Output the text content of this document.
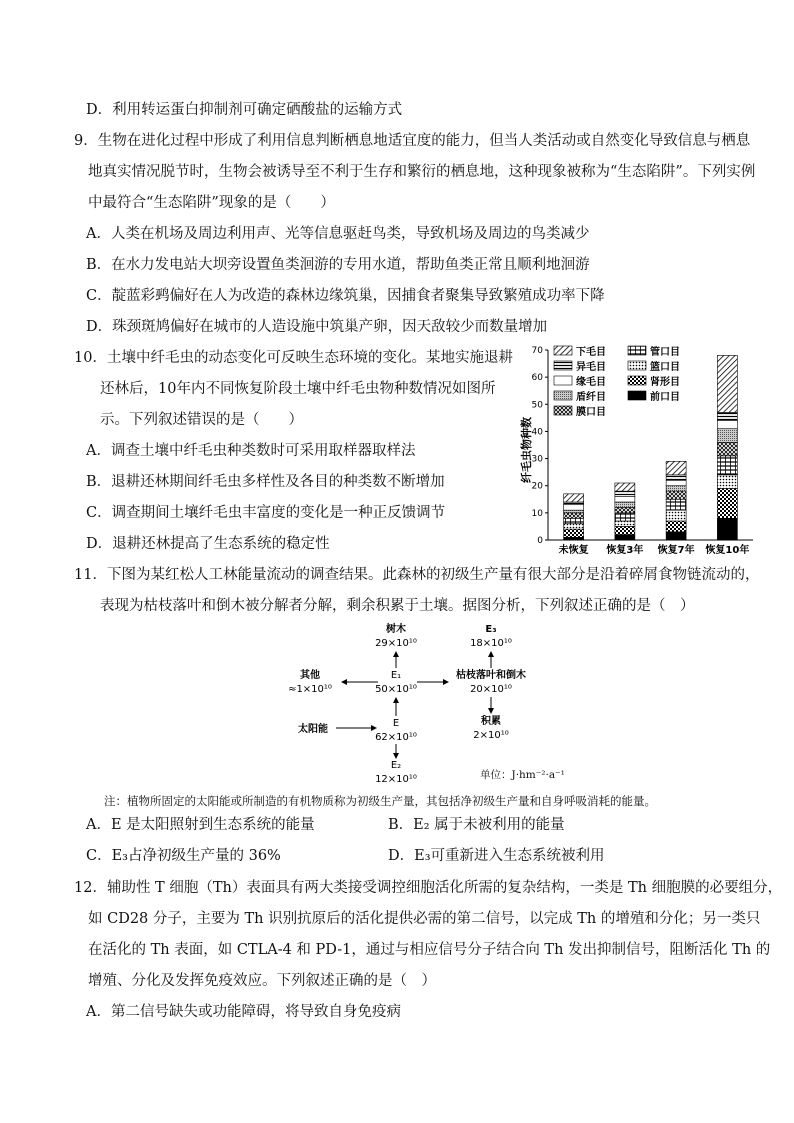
D．利用转运蛋白抑制剂可确定硒酸盐的运输方式
9．生物在进化过程中形成了利用信息判断栖息地适宜度的能力，但当人类活动或自然变化导致信息与栖息
地真实情况脱节时，生物会被诱导至不利于生存和繁衍的栖息地，这种现象被称为“生态陷阱”。下列实例
中最符合“生态陷阱”现象的是（　　）
A．人类在机场及周边利用声、光等信息驱赶鸟类，导致机场及周边的鸟类减少
B．在水力发电站大坝旁设置鱼类洄游的专用水道，帮助鱼类正常且顺利地洄游
C．靛蓝彩鹀偏好在人为改造的森林边缘筑巢，因捕食者聚集导致繁殖成功率下降
D．珠颈斑鸠偏好在城市的人造设施中筑巢产卵，因天敌较少而数量增加
10．土壤中纤毛虫的动态变化可反映生态环境的变化。某地实施退耕
还林后，10年内不同恢复阶段土壤中纤毛虫物种数情况如图所
示。下列叙述错误的是（　　）
A．调查土壤中纤毛虫种类数时可采用取样器取样法
B．退耕还林期间纤毛虫多样性及各目的种类数不断增加
C．调查期间土壤纤毛虫丰富度的变化是一种正反馈调节
D．退耕还林提高了生态系统的稳定性	0
10
20
30
40
50
60
70
纤毛虫物种数
未恢复 恢复3年 恢复7年 恢复10年
下毛目
异毛目
缘毛目
盾纤目
膜口目
管口目
篮口目
肾形目
前口目
11．下图为某红松人工林能量流动的调查结果。此森林的初级生产量有很大部分是沿着碎屑食物链流动的，
表现为枯枝落叶和倒木被分解者分解，剩余积累于土壤。据图分析，下列叙述正确的是（　）
树木
29×10¹⁰
E₃
18×10¹⁰
其他
≈1×10¹⁰
E₁
50×10¹⁰
枯枝落叶和倒木
20×10¹⁰
太阳能
E
62×10¹⁰
积累
2×10¹⁰
E₂
12×10¹⁰	单位：J·hm⁻²·a⁻¹
注：植物所固定的太阳能或所制造的有机物质称为初级生产量，其包括净初级生产量和自身呼吸消耗的能量。
A．E 是太阳照射到生态系统的能量	B．E₂ 属于未被利用的能量
C．E₃占净初级生产量的 36%	D．E₃可重新进入生态系统被利用
12．辅助性 T 细胞（Th）表面具有两大类接受调控细胞活化所需的复杂结构，一类是 Th 细胞膜的必要组分，
如 CD28 分子，主要为 Th 识别抗原后的活化提供必需的第二信号，以完成 Th 的增殖和分化；另一类只
在活化的 Th 表面，如 CTLA-4 和 PD-1，通过与相应信号分子结合向 Th 发出抑制信号，阻断活化 Th 的
增殖、分化及发挥免疫效应。下列叙述正确的是（　）
A．第二信号缺失或功能障碍，将导致自身免疫病
